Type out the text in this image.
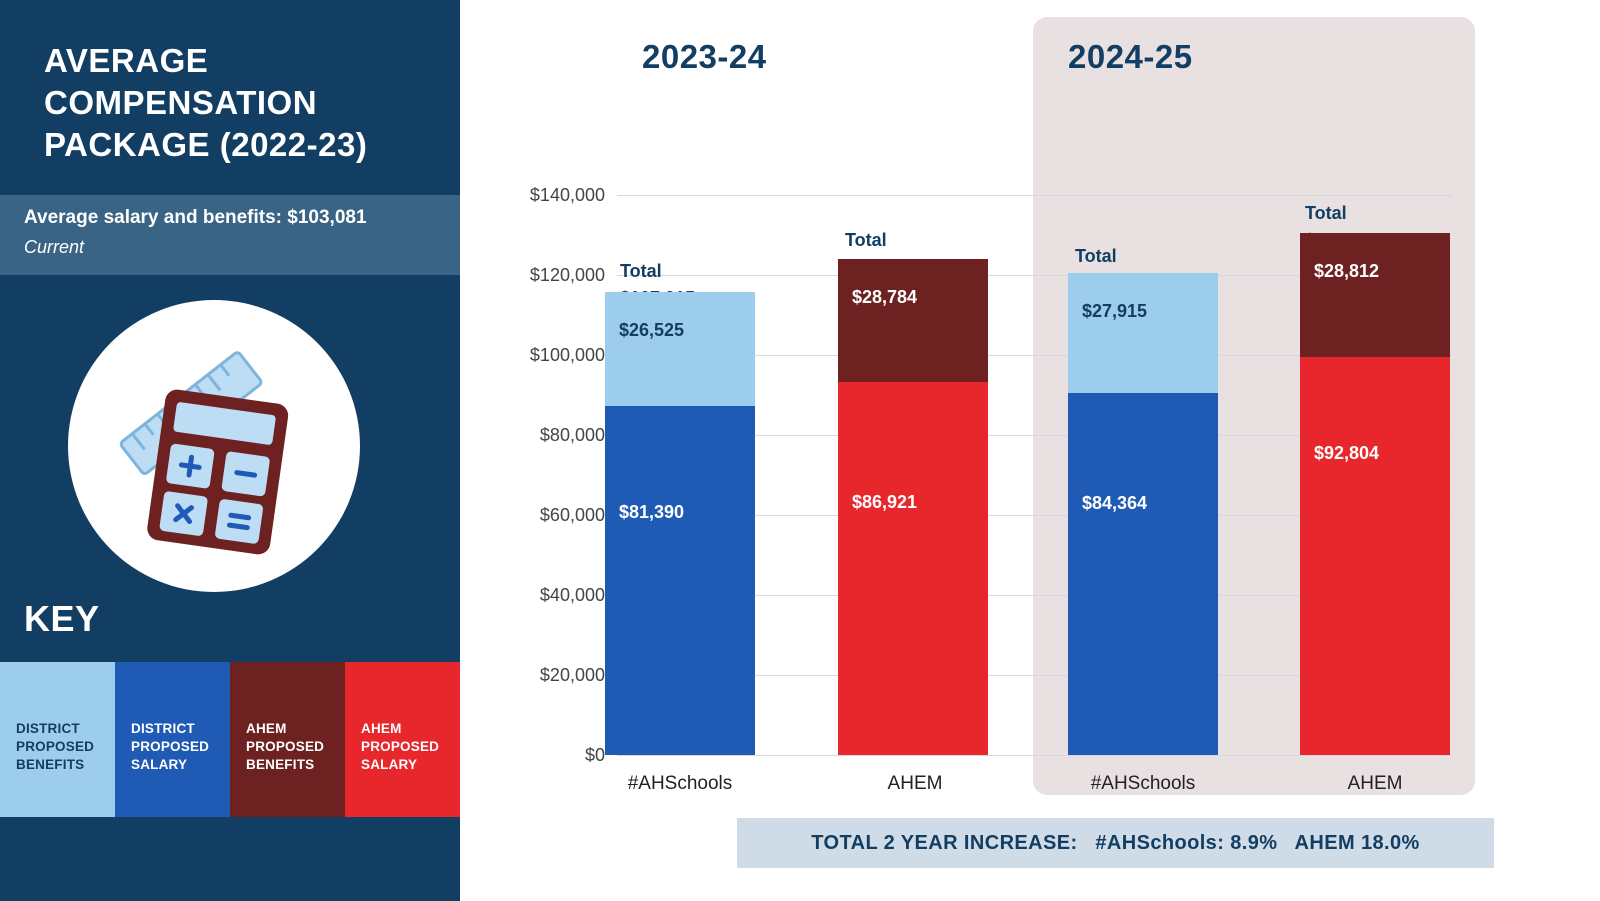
AVERAGE COMPENSATION PACKAGE (2022-23)
Average salary and benefits: $103,081
Current
KEY
DISTRICT
PROPOSED
BENEFITS
DISTRICT
PROPOSED
SALARY
AHEM
PROPOSED
BENEFITS
AHEM
PROPOSED
SALARY
2023-24	2024-25
$140,000
$120,000
$100,000
$80,000
$60,000
$40,000
$20,000
$0
Total
$81,390
$26,525
#AHSchools
Total
$86,921
$28,784
AHEM
Total
$84,364
$27,915
#AHSchools
Total
$92,804
$28,812
AHEM
TOTAL 2 YEAR INCREASE:   #AHSchools: 8.9%   AHEM 18.0%
